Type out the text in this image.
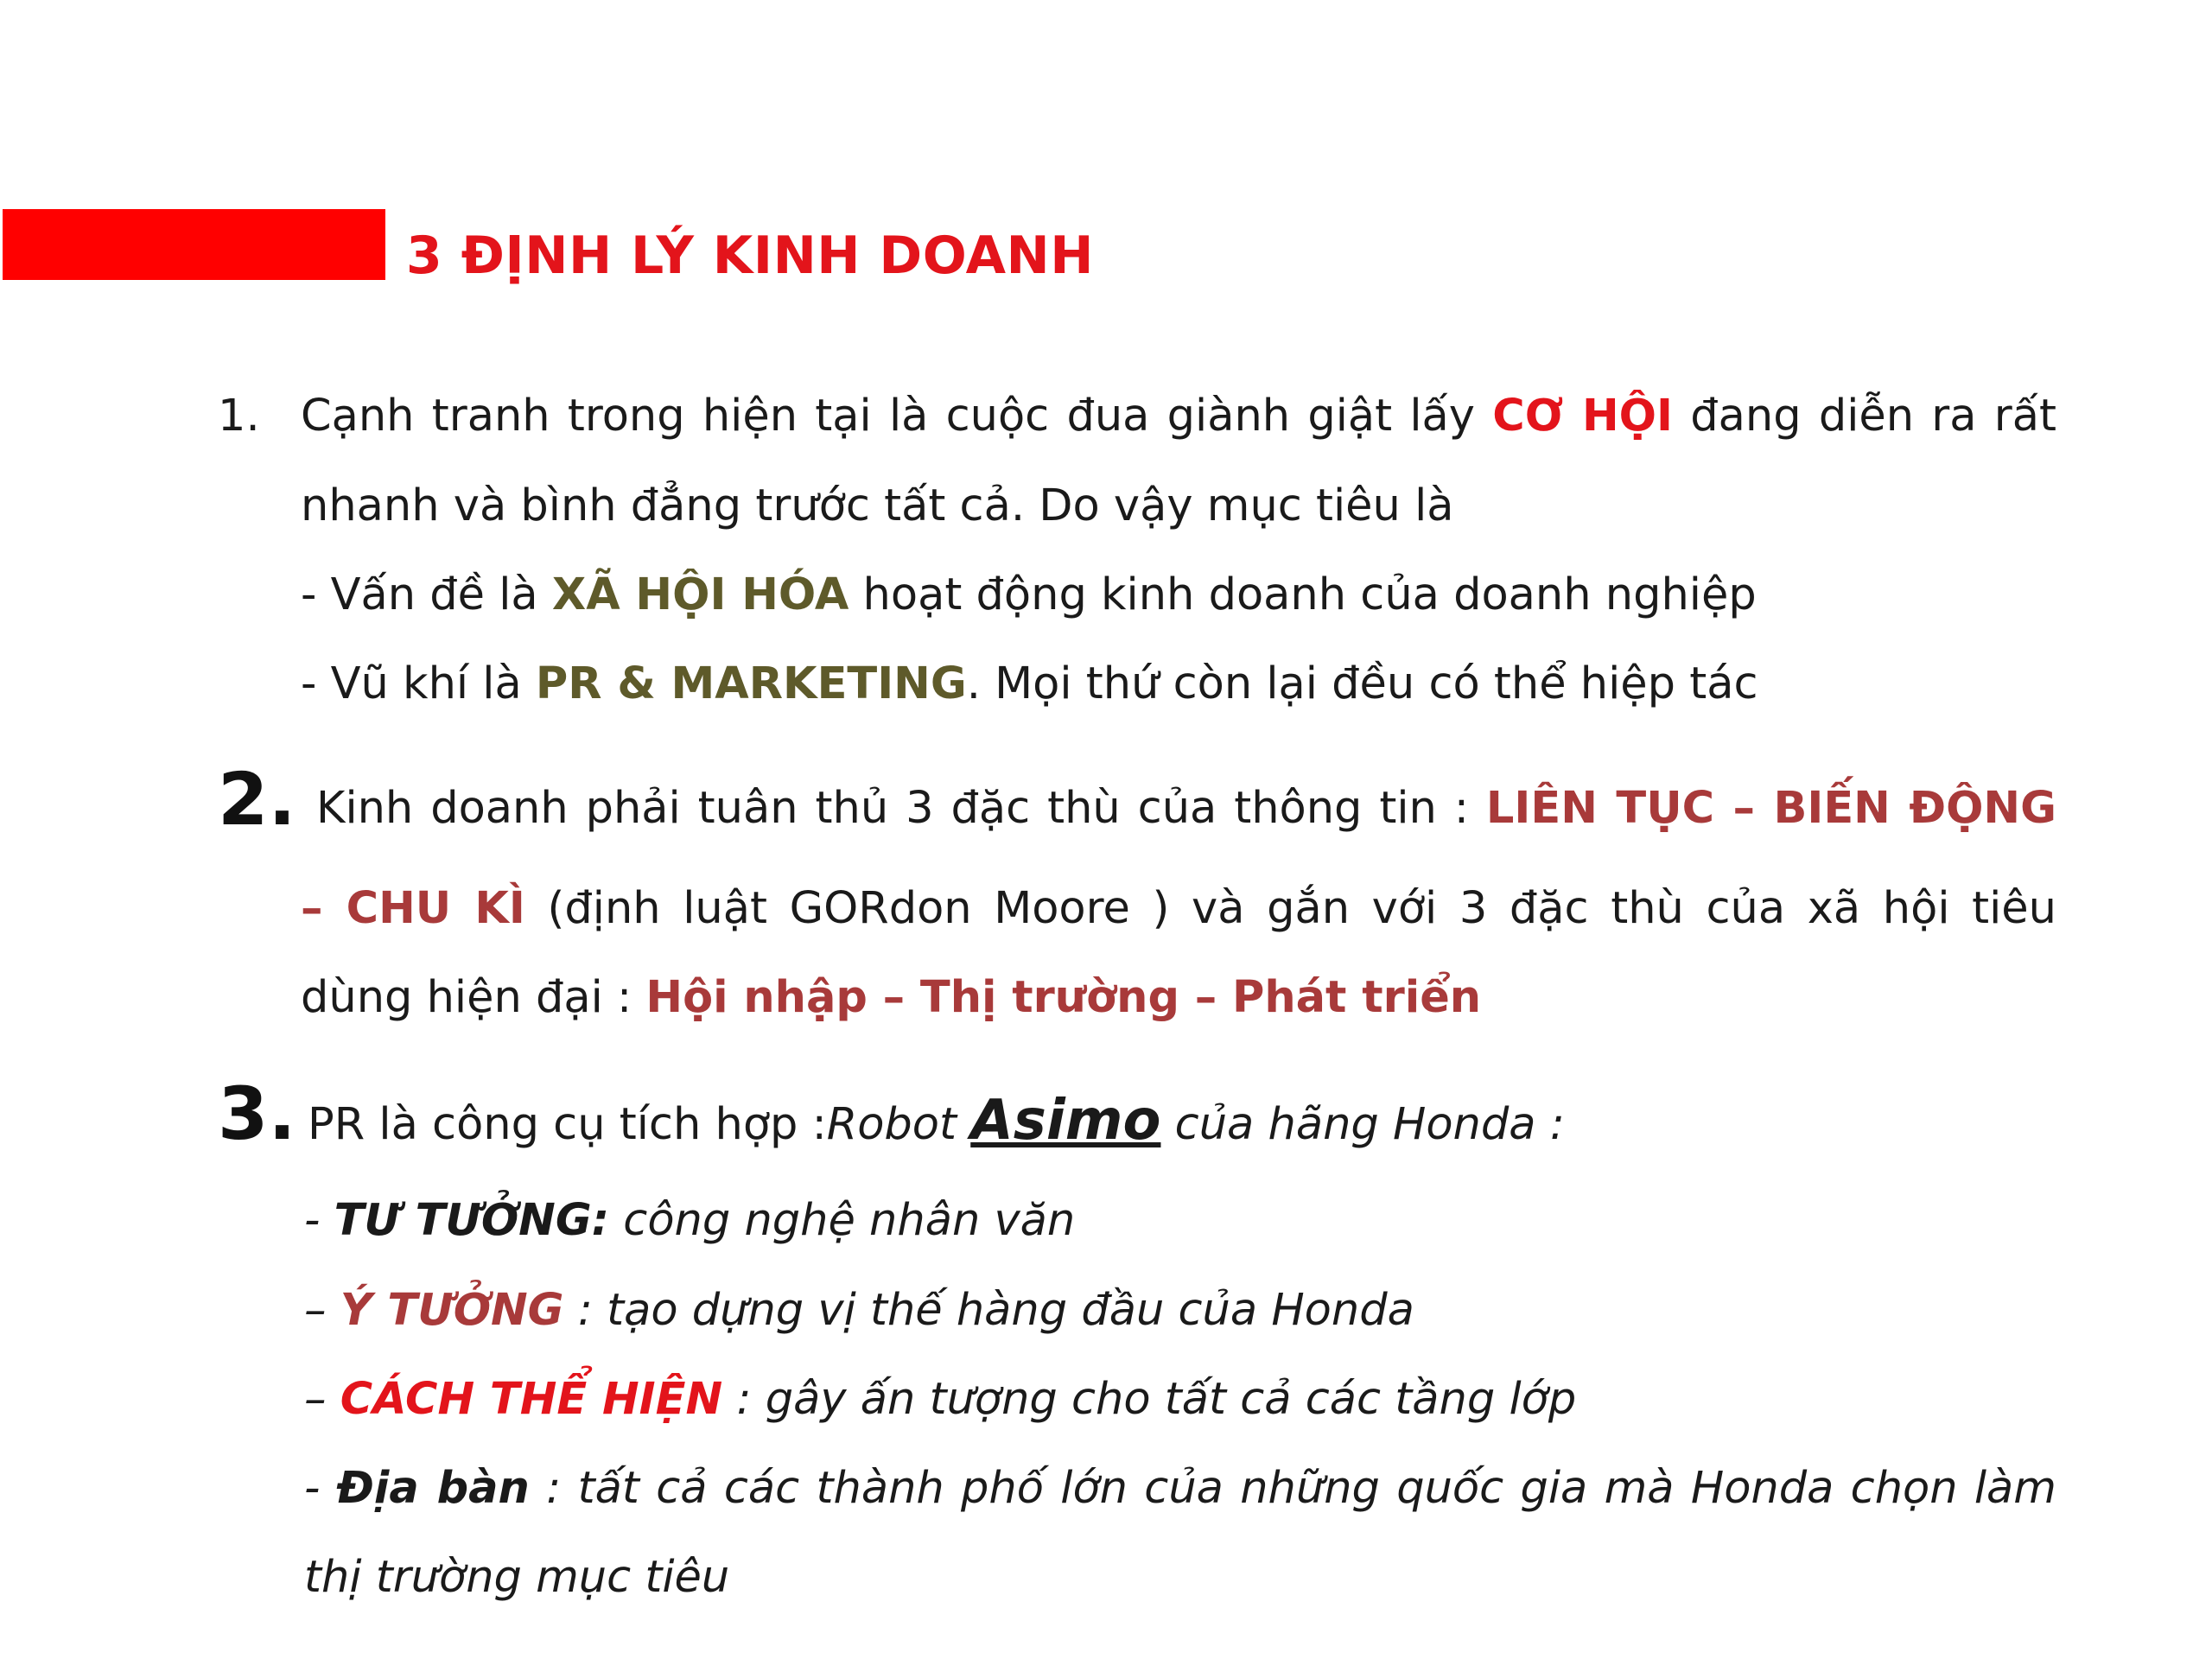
3 ĐỊNH LÝ KINH DOANH
1. Cạnh tranh trong hiện tại là cuộc đua giành giật lấy CƠ HỘI đang diễn ra rất
nhanh và bình đẳng trước tất cả. Do vậy mục tiêu là
- Vấn đề là XÃ HỘI HÓA hoạt động kinh doanh của doanh nghiệp
- Vũ khí là PR & MARKETING. Mọi thứ còn lại đều có thể hiệp tác
2. Kinh doanh phải tuân thủ 3 đặc thù của thông tin : LIÊN TỤC – BIẾN ĐỘNG
– CHU KÌ (định luật GORdon Moore ) và gắn với 3 đặc thù của xã hội tiêu
dùng hiện đại : Hội nhập – Thị trường – Phát triển
3. PR là công cụ tích hợp :Robot Asimo của hãng Honda :
- TƯ TƯỞNG: công nghệ nhân văn
– Ý TƯỞNG : tạo dựng vị thế hàng đầu của Honda
– CÁCH THỂ HIỆN : gây ấn tượng cho tất cả các tầng lớp
- Địa bàn : tất cả các thành phố lớn của những quốc gia mà Honda chọn làm
thị trường mục tiêu
